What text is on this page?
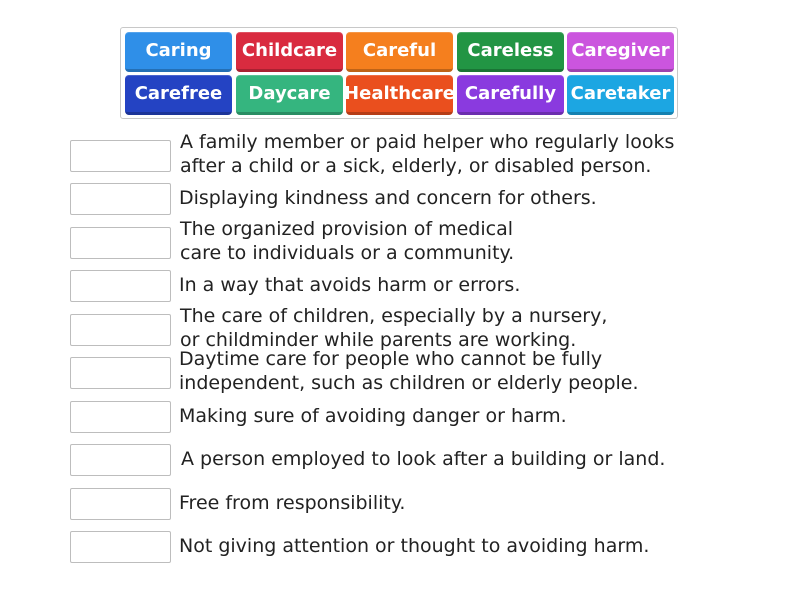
A family member or paid helper who regularly looks
after a child or a sick, elderly, or disabled person.
Displaying kindness and concern for others.
The organized provision of medical
care to individuals or a community.
In a way that avoids harm or errors.
The care of children, especially by a nursery,
or childminder while parents are working.
Daytime care for people who cannot be fully
independent, such as children or elderly people.
Making sure of avoiding danger or harm.
A person employed to look after a building or land.
Free from responsibility.
Not giving attention or thought to avoiding harm.
Caring	Childcare	Careful	Careless Caregiver
Carefree	Daycare Healthcare Carefully Caretaker
